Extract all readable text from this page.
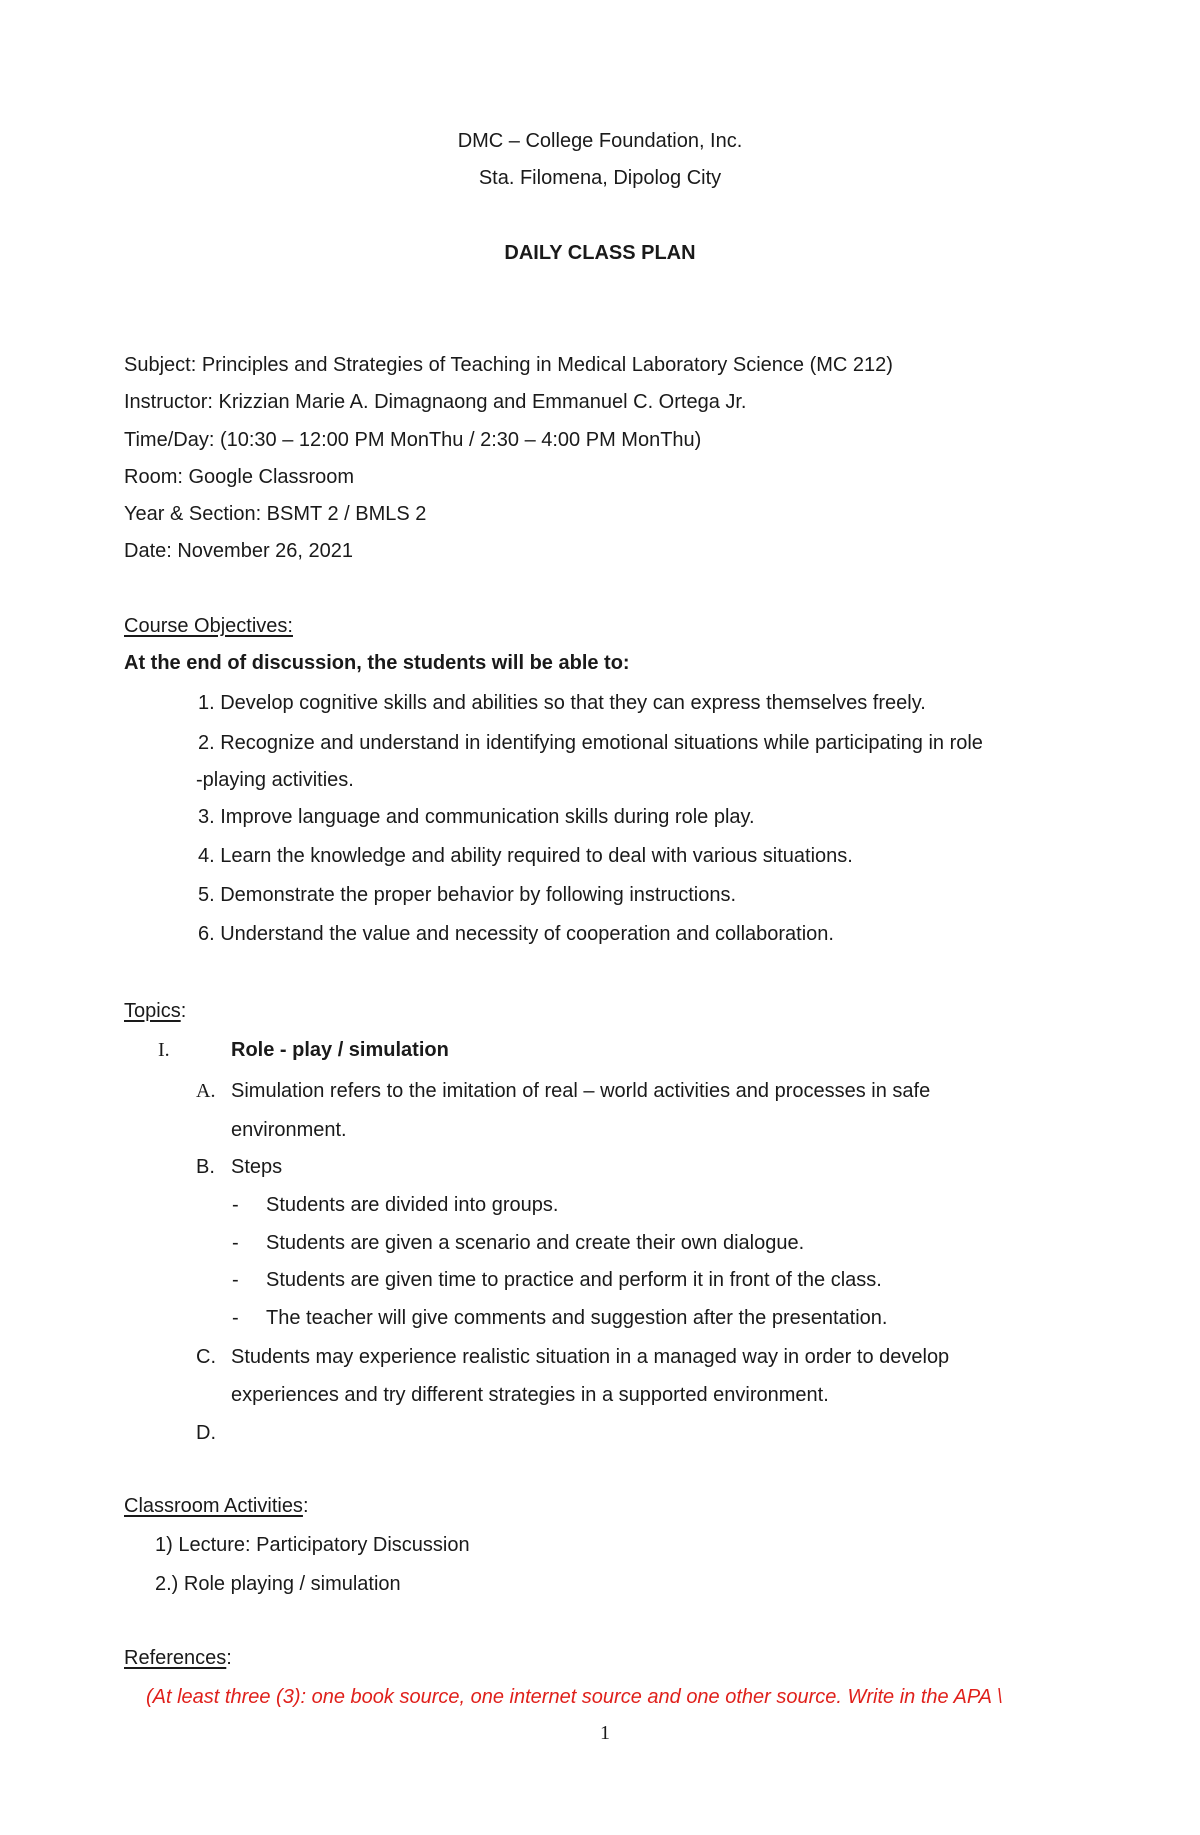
DMC – College Foundation, Inc.
Sta. Filomena, Dipolog City
DAILY CLASS PLAN
Subject: Principles and Strategies of Teaching in Medical Laboratory Science (MC 212)
Instructor: Krizzian Marie A. Dimagnaong and Emmanuel C. Ortega Jr.
Time/Day: (10:30 – 12:00 PM MonThu / 2:30 – 4:00 PM MonThu)
Room: Google Classroom
Year & Section: BSMT 2 / BMLS 2
Date: November 26, 2021
Course Objectives:
At the end of discussion, the students will be able to:
1. Develop cognitive skills and abilities so that they can express themselves freely.
2. Recognize and understand in identifying emotional situations while participating in role
-playing activities.
3. Improve language and communication skills during role play.
4. Learn the knowledge and ability required to deal with various situations.
5. Demonstrate the proper behavior by following instructions.
6. Understand the value and necessity of cooperation and collaboration.
Topics:
I.	Role - play / simulation
A. Simulation refers to the imitation of real – world activities and processes in safe
environment.
B. Steps
- Students are divided into groups.
- Students are given a scenario and create their own dialogue.
- Students are given time to practice and perform it in front of the class.
- The teacher will give comments and suggestion after the presentation.
C. Students may experience realistic situation in a managed way in order to develop
experiences and try different strategies in a supported environment.
D.
Classroom Activities:
1) Lecture: Participatory Discussion
2.) Role playing / simulation
References:
(At least three (3): one book source, one internet source and one other source. Write in the APA \
1
